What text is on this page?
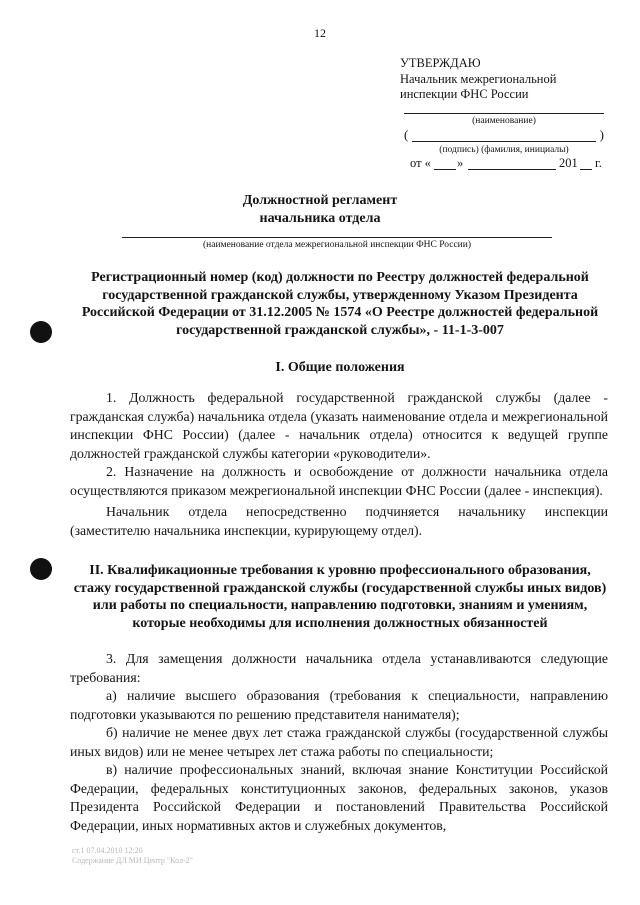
12
УТВЕРЖДАЮ
Начальник межрегиональной
инспекции ФНС России
(наименование)
(	)
(подпись) (фамилия, инициалы)
от « »	201 г.
Должностной регламент
начальника отдела
(наименование отдела межрегиональной инспекции ФНС России)
Регистрационный номер (код) должности по Реестру должностей федеральной государственной гражданской службы, утвержденному Указом Президента Российской Федерации от 31.12.2005 № 1574 «О Реестре должностей федеральной государственной гражданской службы», - 11-1-3-007
I. Общие положения

1. Должность федеральной государственной гражданской службы (далее - гражданская служба) начальника отдела (указать наименование отдела и межрегиональной инспекции ФНС России) (далее - начальник отдела) относится к ведущей группе должностей гражданской службы категории «руководители».

2. Назначение на должность и освобождение от должности начальника отдела осуществляются приказом межрегиональной инспекции ФНС России (далее - инспекция).

Начальник отдела непосредственно подчиняется начальнику инспекции (заместителю начальника инспекции, курирующему отдел).

II. Квалификационные требования к уровню профессионального образования, стажу государственной гражданской службы (государственной службы иных видов) или работы по специальности, направлению подготовки, знаниям и умениям, которые необходимы для исполнения должностных обязанностей

3. Для замещения должности начальника отдела устанавливаются следующие требования:

а) наличие высшего образования (требования к специальности, направлению подготовки указываются по решению представителя нанимателя);

б) наличие не менее двух лет стажа гражданской службы (государственной службы иных видов) или не менее четырех лет стажа работы по специальности;

в) наличие профессиональных знаний, включая знание Конституции Российской Федерации, федеральных конституционных законов, федеральных законов, указов Президента Российской Федерации и постановлений Правительства Российской Федерации, иных нормативных актов и служебных документов,

ст.1 07.04.2010 12:20
Содержание ДЛ МИ Центр "Кол-2"
